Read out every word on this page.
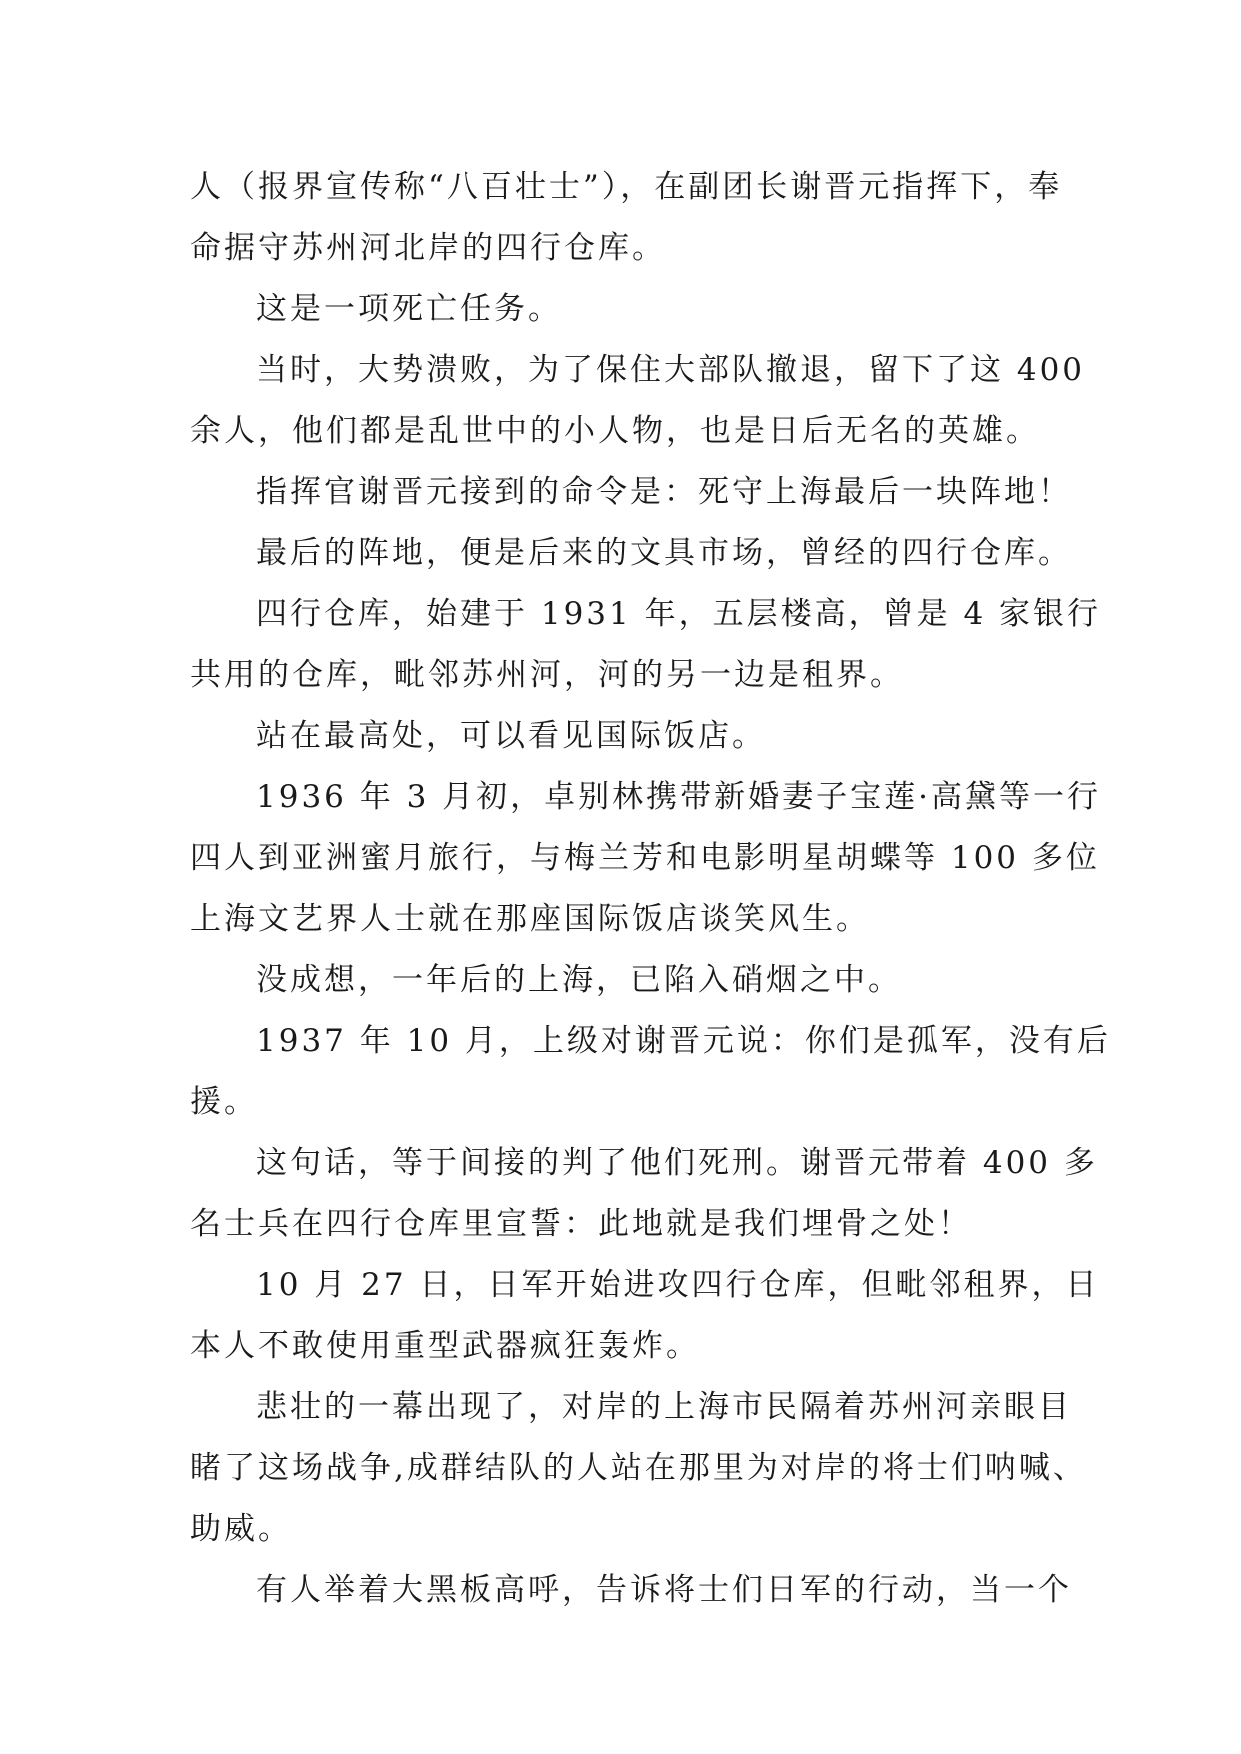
人（报界宣传称“八百壮士”），在副团长谢晋元指挥下，奉
命据守苏州河北岸的四行仓库。
这是一项死亡任务。
当时，大势溃败，为了保住大部队撤退，留下了这 400
余人，他们都是乱世中的小人物，也是日后无名的英雄。
指挥官谢晋元接到的命令是：死守上海最后一块阵地！
最后的阵地，便是后来的文具市场，曾经的四行仓库。
四行仓库，始建于 1931 年，五层楼高，曾是 4 家银行
共用的仓库，毗邻苏州河，河的另一边是租界。
站在最高处，可以看见国际饭店。
1936 年 3 月初，卓别林携带新婚妻子宝莲·高黛等一行
四人到亚洲蜜月旅行，与梅兰芳和电影明星胡蝶等 100 多位
上海文艺界人士就在那座国际饭店谈笑风生。
没成想，一年后的上海，已陷入硝烟之中。
1937 年 10 月，上级对谢晋元说：你们是孤军，没有后
援。
这句话，等于间接的判了他们死刑。谢晋元带着 400 多
名士兵在四行仓库里宣誓：此地就是我们埋骨之处！
10 月 27 日，日军开始进攻四行仓库，但毗邻租界，日
本人不敢使用重型武器疯狂轰炸。
悲壮的一幕出现了，对岸的上海市民隔着苏州河亲眼目
睹了这场战争,成群结队的人站在那里为对岸的将士们呐喊、
助威。
有人举着大黑板高呼，告诉将士们日军的行动，当一个
